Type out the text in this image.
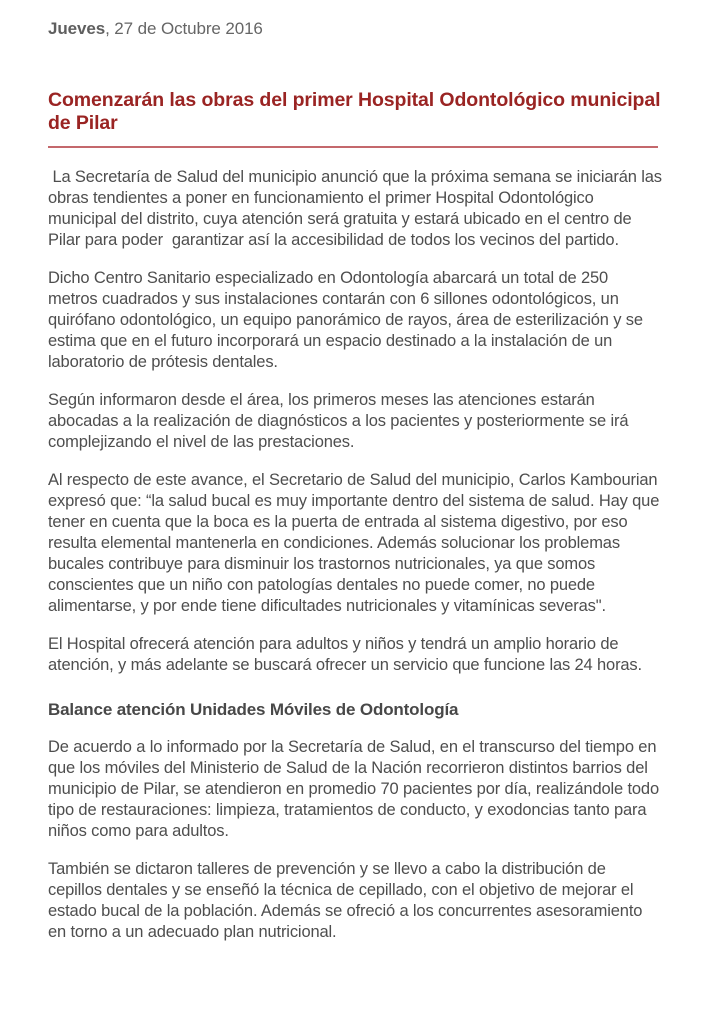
Jueves, 27 de Octubre 2016
Comenzarán las obras del primer Hospital Odontológico municipal de Pilar

La Secretaría de Salud del municipio anunció que la próxima semana se iniciarán las obras tendientes a poner en funcionamiento el primer Hospital Odontológico municipal del distrito, cuya atención será gratuita y estará ubicado en el centro de Pilar para poder  garantizar así la accesibilidad de todos los vecinos del partido.

Dicho Centro Sanitario especializado en Odontología abarcará un total de 250 metros cuadrados y sus instalaciones contarán con 6 sillones odontológicos, un quirófano odontológico, un equipo panorámico de rayos, área de esterilización y se estima que en el futuro incorporará un espacio destinado a la instalación de un laboratorio de prótesis dentales.

Según informaron desde el área, los primeros meses las atenciones estarán abocadas a la realización de diagnósticos a los pacientes y posteriormente se irá complejizando el nivel de las prestaciones.

Al respecto de este avance, el Secretario de Salud del municipio, Carlos Kambourian expresó que: “la salud bucal es muy importante dentro del sistema de salud. Hay que tener en cuenta que la boca es la puerta de entrada al sistema digestivo, por eso resulta elemental mantenerla en condiciones. Además solucionar los problemas bucales contribuye para disminuir los trastornos nutricionales, ya que somos conscientes que un niño con patologías dentales no puede comer, no puede alimentarse, y por ende tiene dificultades nutricionales y vitamínicas severas".

El Hospital ofrecerá atención para adultos y niños y tendrá un amplio horario de atención, y más adelante se buscará ofrecer un servicio que funcione las 24 horas.

Balance atención Unidades Móviles de Odontología

De acuerdo a lo informado por la Secretaría de Salud, en el transcurso del tiempo en que los móviles del Ministerio de Salud de la Nación recorrieron distintos barrios del municipio de Pilar, se atendieron en promedio 70 pacientes por día, realizándole todo tipo de restauraciones: limpieza, tratamientos de conducto, y exodoncias tanto para niños como para adultos.

También se dictaron talleres de prevención y se llevo a cabo la distribución de cepillos dentales y se enseñó la técnica de cepillado, con el objetivo de mejorar el estado bucal de la población. Además se ofreció a los concurrentes asesoramiento en torno a un adecuado plan nutricional.
